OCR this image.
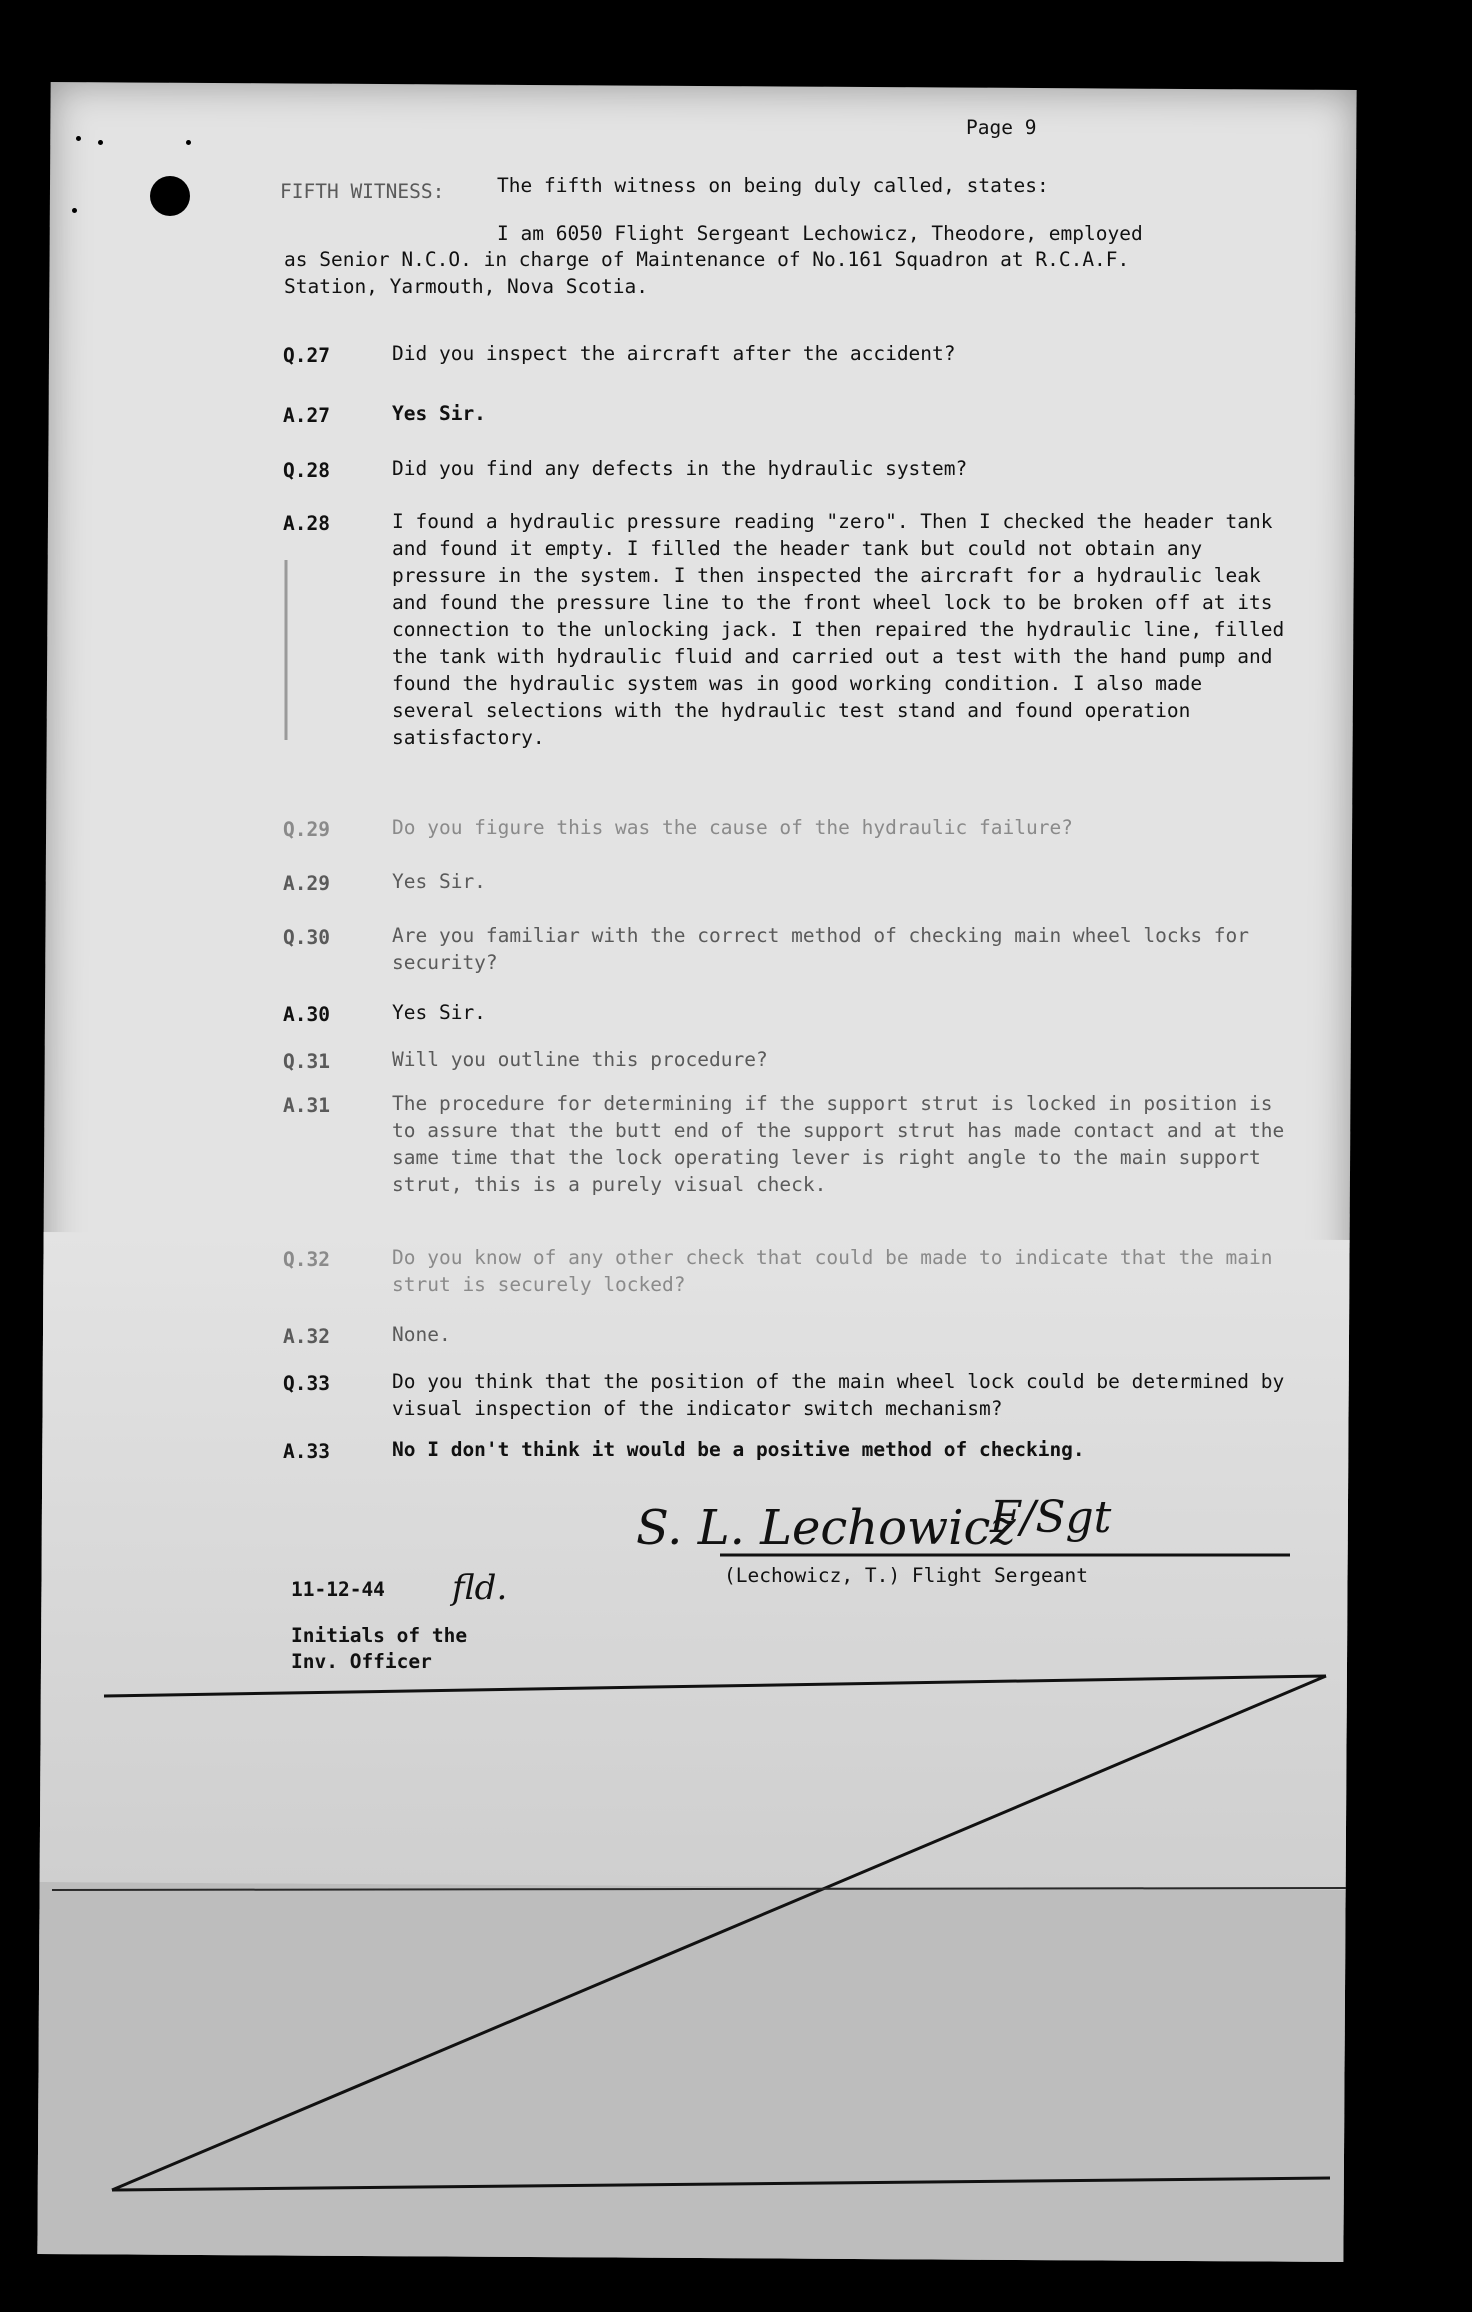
Page 9
FIFTH WITNESS:	The fifth witness on being duly called, states:
I am 6050 Flight Sergeant Lechowicz, Theodore, employed
as Senior N.C.O. in charge of Maintenance of No.161 Squadron at R.C.A.F.
Station, Yarmouth, Nova Scotia.
Q.27	Did you inspect the aircraft after the accident?
A.27	Yes Sir.
Q.28	Did you find any defects in the hydraulic system?
A.28	I found a hydraulic pressure reading "zero". Then I checked the header tank and found it empty. I filled the header tank but could not obtain any pressure in the system. I then inspected the aircraft for a hydraulic leak and found the pressure line to the front wheel lock to be broken off at its connection to the unlocking jack. I then repaired the hydraulic line, filled the tank with hydraulic fluid and carried out a test with the hand pump and found the hydraulic system was in good working condition. I also made several selections with the hydraulic test stand and found operation satisfactory.
Q.29	Do you figure this was the cause of the hydraulic failure?
A.29	Yes Sir.
Q.30	Are you familiar with the correct method of checking main wheel locks for security?
A.30	Yes Sir.
Q.31	Will you outline this procedure?
A.31	The procedure for determining if the support strut is locked in position is to assure that the butt end of the support strut has made contact and at the same time that the lock operating lever is right angle to the main support strut, this is a purely visual check.
Q.32	Do you know of any other check that could be made to indicate that the main strut is securely locked?
A.32	None.
Q.33	Do you think that the position of the main wheel lock could be determined by visual inspection of the indicator switch mechanism?
A.33	No I don't think it would be a positive method of checking.
S. L. Lechowicz
F/Sgt
fld.	(Lechowicz, T.) Flight Sergeant
11-12-44
Initials of the
Inv. Officer
